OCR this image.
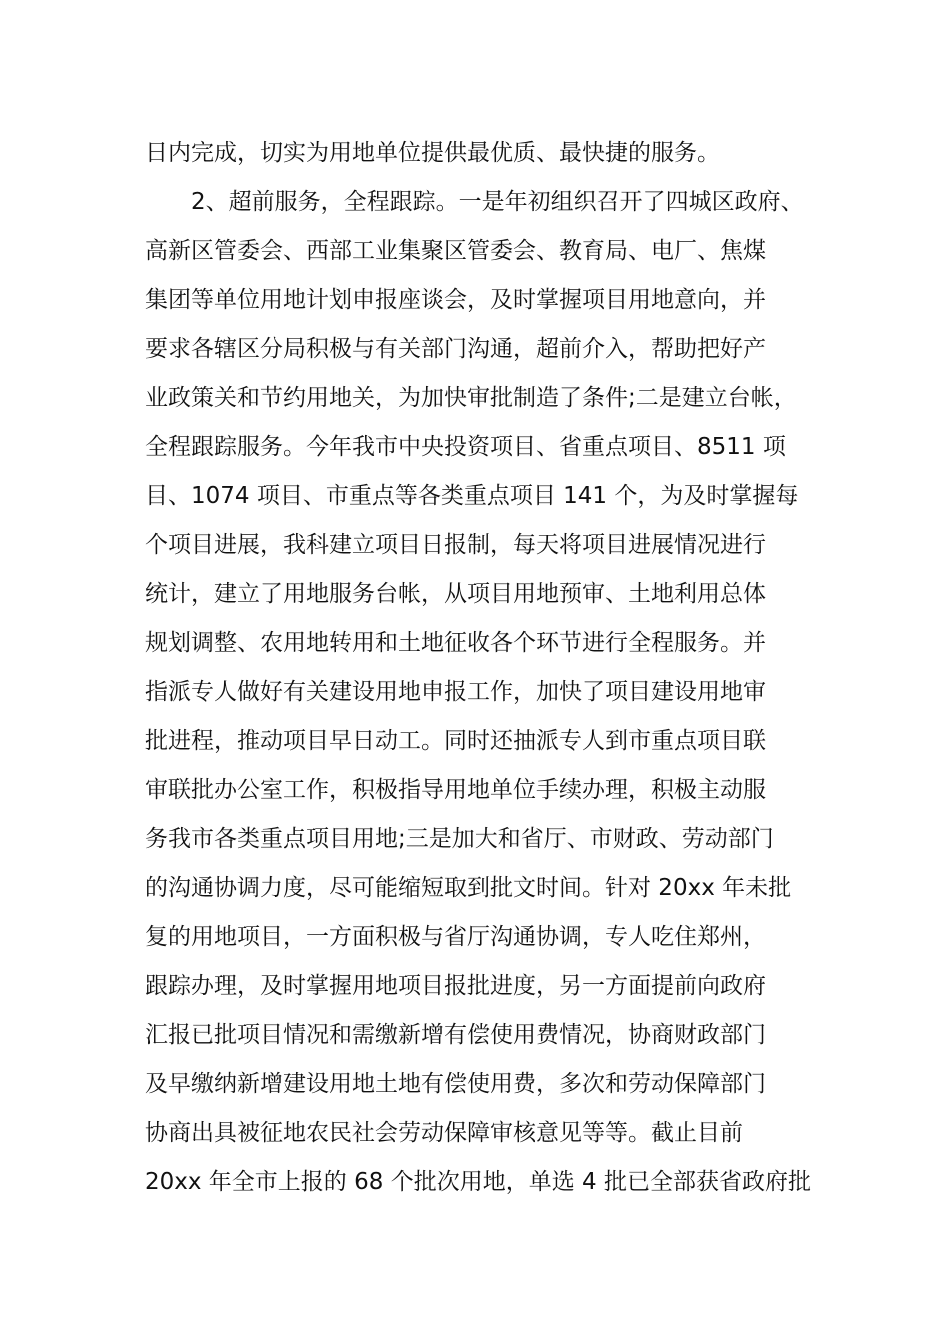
日内完成，切实为用地单位提供最优质、最快捷的服务。
　　2、超前服务，全程跟踪。一是年初组织召开了四城区政府、
高新区管委会、西部工业集聚区管委会、教育局、电厂、焦煤
集团等单位用地计划申报座谈会，及时掌握项目用地意向，并
要求各辖区分局积极与有关部门沟通，超前介入，帮助把好产
业政策关和节约用地关，为加快审批制造了条件;二是建立台帐，
全程跟踪服务。今年我市中央投资项目、省重点项目、8511 项
目、1074 项目、市重点等各类重点项目 141 个，为及时掌握每
个项目进展，我科建立项目日报制，每天将项目进展情况进行
统计，建立了用地服务台帐，从项目用地预审、土地利用总体
规划调整、农用地转用和土地征收各个环节进行全程服务。并
指派专人做好有关建设用地申报工作，加快了项目建设用地审
批进程，推动项目早日动工。同时还抽派专人到市重点项目联
审联批办公室工作，积极指导用地单位手续办理，积极主动服
务我市各类重点项目用地;三是加大和省厅、市财政、劳动部门
的沟通协调力度，尽可能缩短取到批文时间。针对 20xx 年未批
复的用地项目，一方面积极与省厅沟通协调，专人吃住郑州，
跟踪办理，及时掌握用地项目报批进度，另一方面提前向政府
汇报已批项目情况和需缴新增有偿使用费情况，协商财政部门
及早缴纳新增建设用地土地有偿使用费，多次和劳动保障部门
协商出具被征地农民社会劳动保障审核意见等等。截止目前
20xx 年全市上报的 68 个批次用地，单选 4 批已全部获省政府批
